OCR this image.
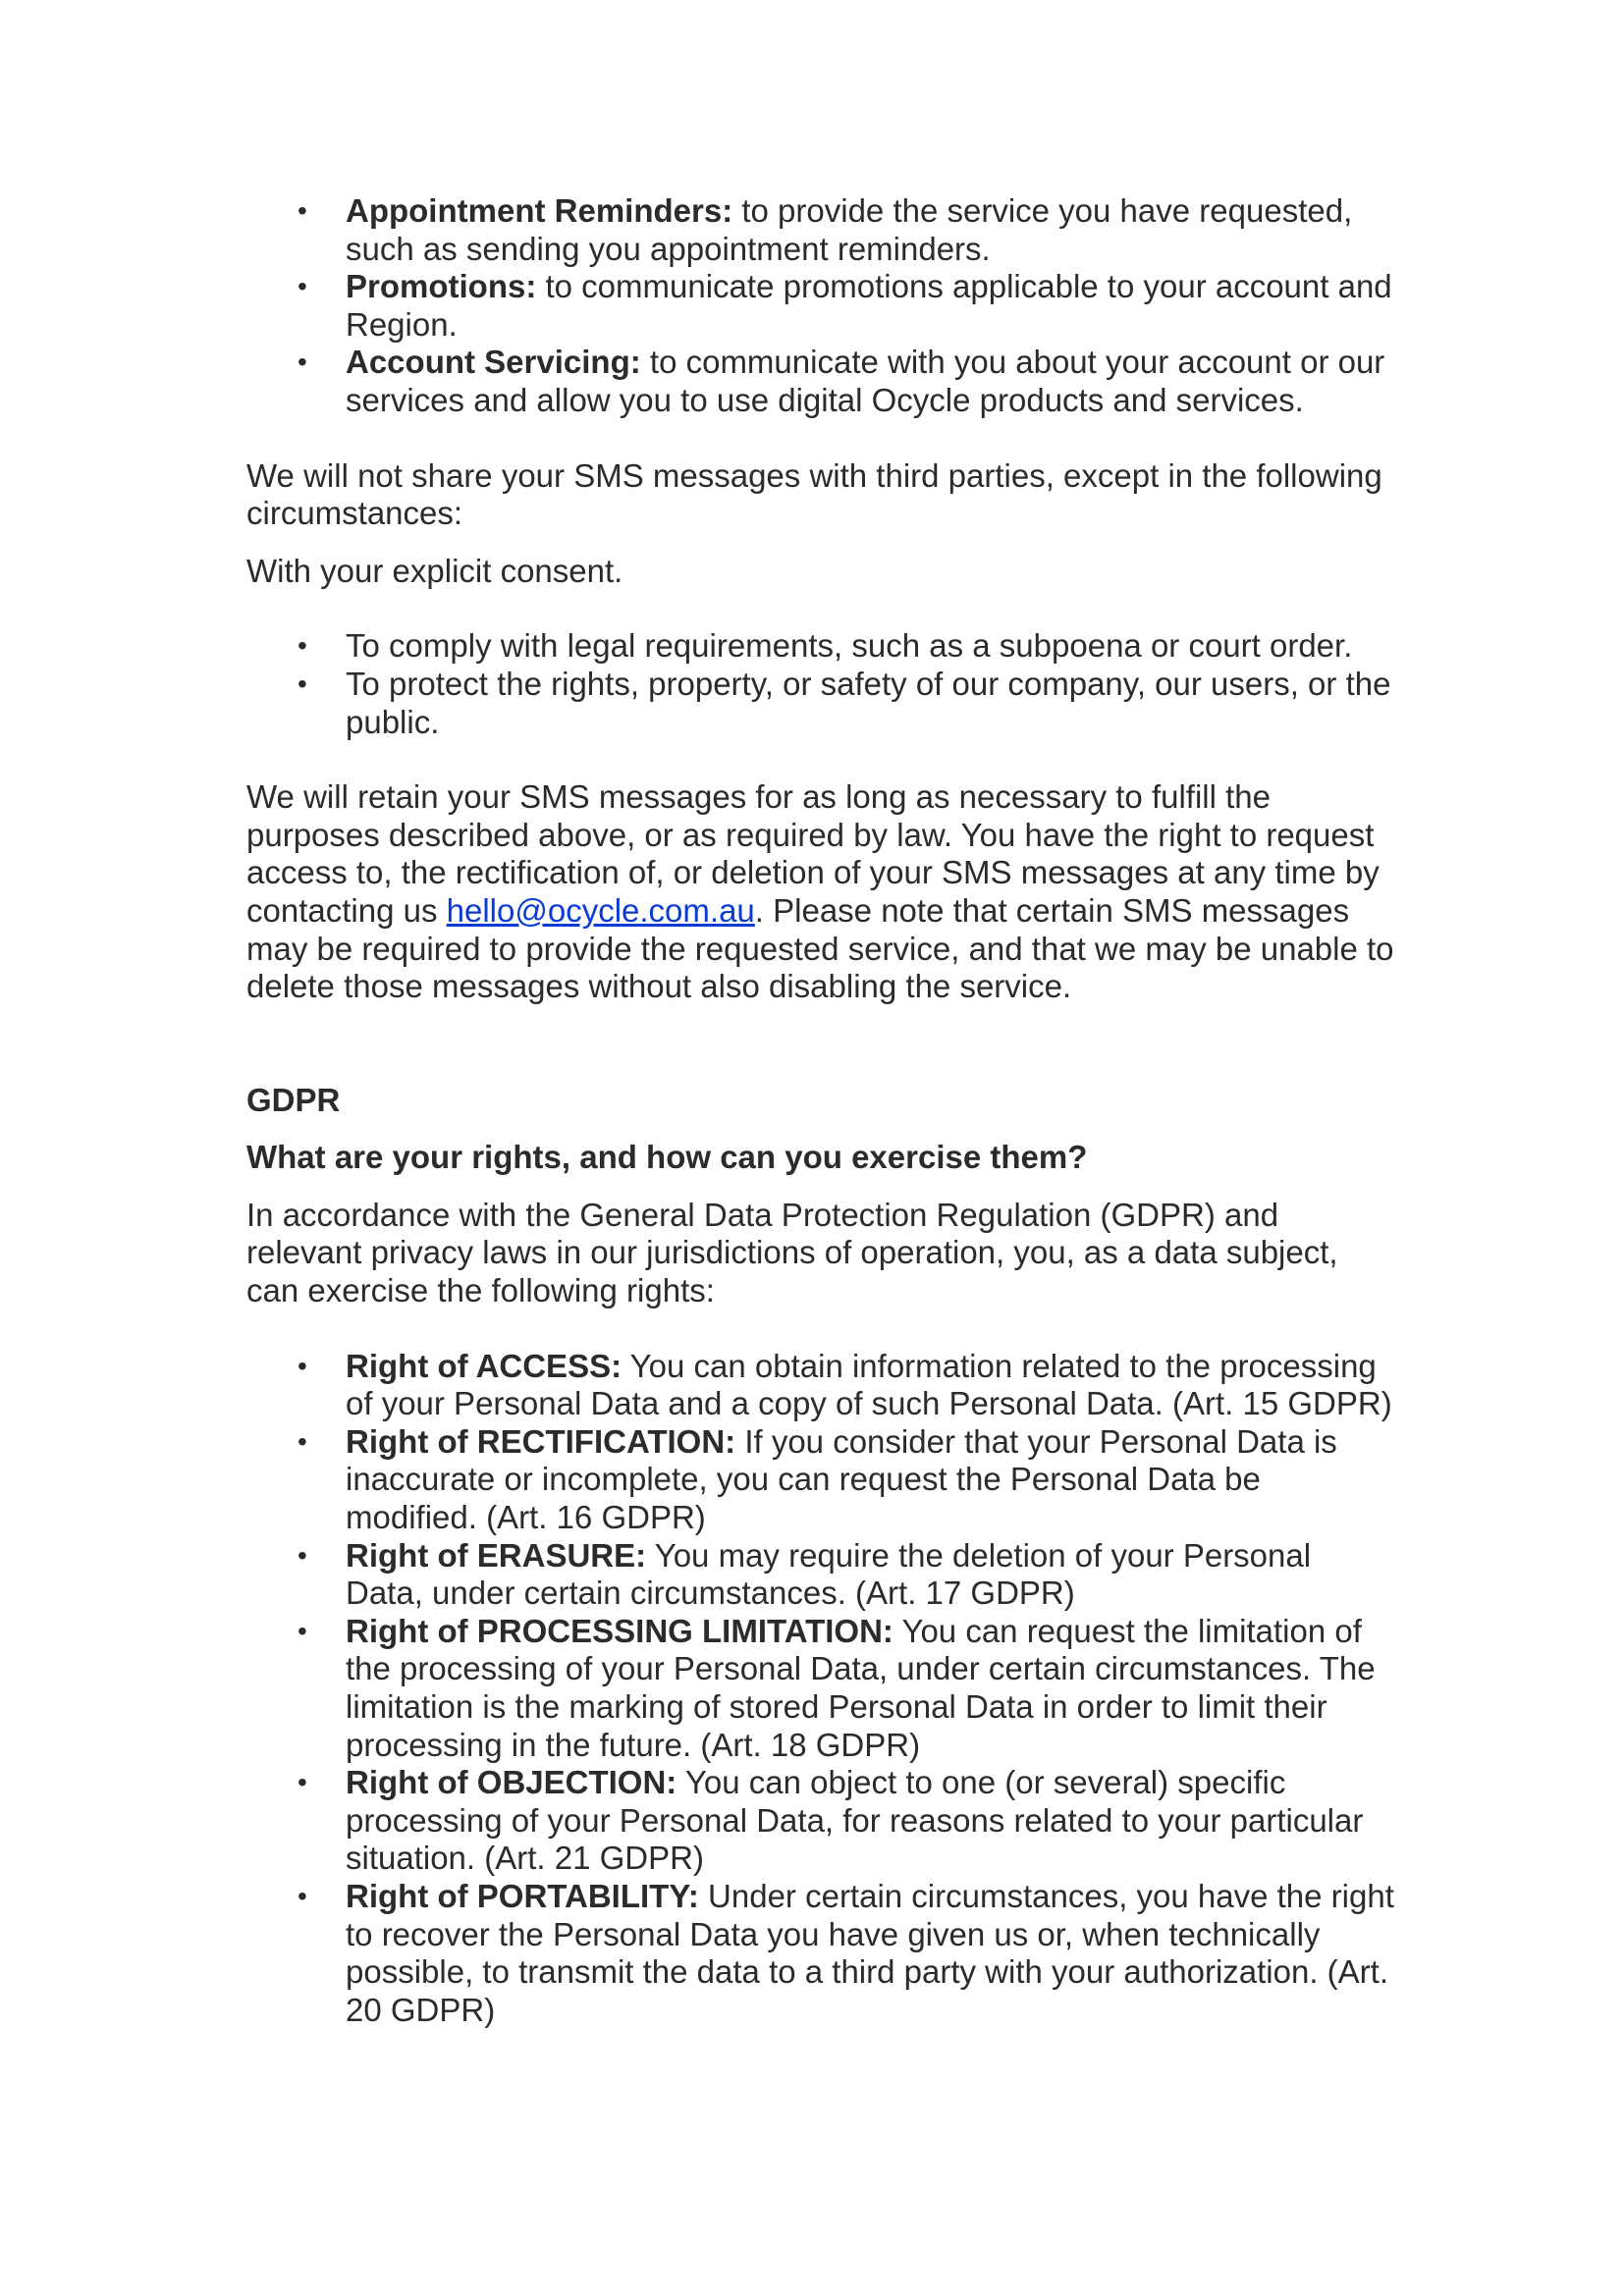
• Appointment Reminders: to provide the service you have requested, such as sending you appointment reminders.
• Promotions: to communicate promotions applicable to your account and Region.
• Account Servicing: to communicate with you about your account or our services and allow you to use digital Ocycle products and services.

We will not share your SMS messages with third parties, except in the following circumstances:

With your explicit consent.

• To comply with legal requirements, such as a subpoena or court order.
• To protect the rights, property, or safety of our company, our users, or the public.

We will retain your SMS messages for as long as necessary to fulfill the purposes described above, or as required by law. You have the right to request access to, the rectification of, or deletion of your SMS messages at any time by contacting us hello@ocycle.com.au. Please note that certain SMS messages may be required to provide the requested service, and that we may be unable to delete those messages without also disabling the service.

GDPR

What are your rights, and how can you exercise them?

In accordance with the General Data Protection Regulation (GDPR) and relevant privacy laws in our jurisdictions of operation, you, as a data subject, can exercise the following rights:

• Right of ACCESS: You can obtain information related to the processing of your Personal Data and a copy of such Personal Data. (Art. 15 GDPR)
• Right of RECTIFICATION: If you consider that your Personal Data is inaccurate or incomplete, you can request the Personal Data be modified. (Art. 16 GDPR)
• Right of ERASURE: You may require the deletion of your Personal Data, under certain circumstances. (Art. 17 GDPR)
• Right of PROCESSING LIMITATION: You can request the limitation of the processing of your Personal Data, under certain circumstances. The limitation is the marking of stored Personal Data in order to limit their processing in the future. (Art. 18 GDPR)
• Right of OBJECTION: You can object to one (or several) specific processing of your Personal Data, for reasons related to your particular situation. (Art. 21 GDPR)
• Right of PORTABILITY: Under certain circumstances, you have the right to recover the Personal Data you have given us or, when technically possible, to transmit the data to a third party with your authorization. (Art. 20 GDPR)
